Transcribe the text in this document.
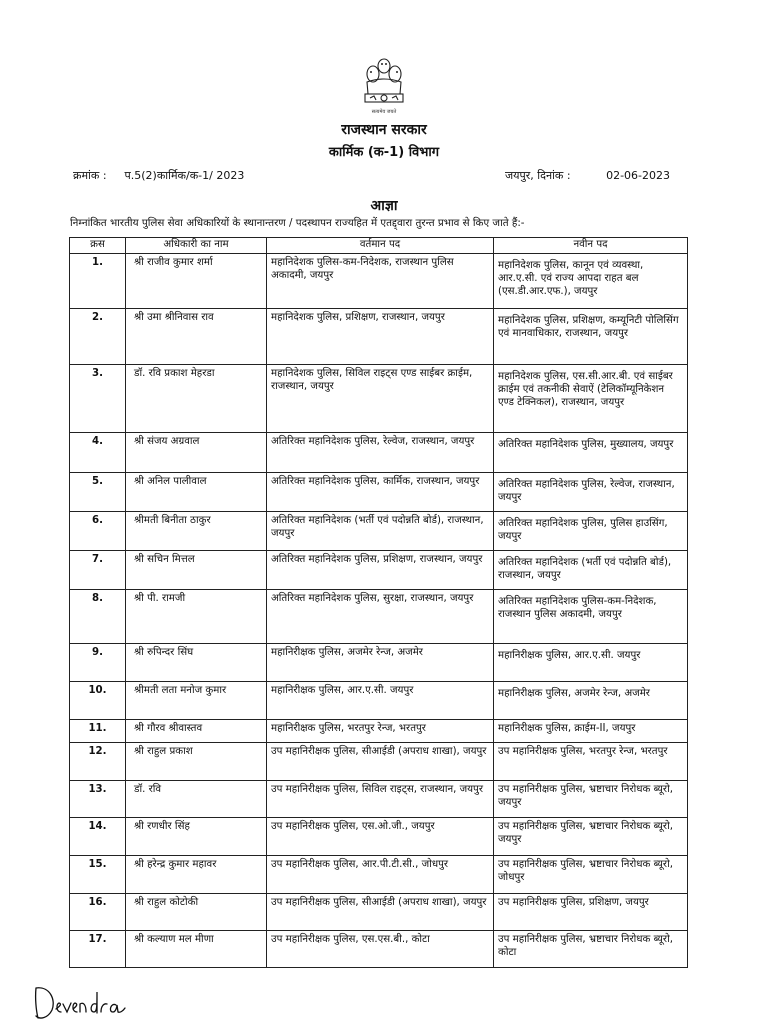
सत्यमेव जयते
राजस्थान सरकार
कार्मिक (क-1) विभाग
क्रमांक : प.5(2)कार्मिक/क-1/ 2023	जयपुर, दिनांक :	02-06-2023
आज्ञा
निम्नांकित भारतीय पुलिस सेवा अधिकारियों के स्थानान्तरण / पदस्थापन राज्यहित में एतद्द्वारा तुरन्त प्रभाव से किए जाते हैं:-
क्रस	अधिकारी का नाम	वर्तमान पद	नवीन पद
1.	श्री राजीव कुमार शर्मा	महानिदेशक पुलिस-कम-निदेशक, राजस्थान पुलिस अकादमी, जयपुर	महानिदेशक पुलिस, कानून एवं व्यवस्था, आर.ए.सी. एवं राज्य आपदा राहत बल (एस.डी.आर.एफ.), जयपुर
2.	श्री उमा श्रीनिवास राव	महानिदेशक पुलिस, प्रशिक्षण, राजस्थान, जयपुर	महानिदेशक पुलिस, प्रशिक्षण, कम्यूनिटी पोलिसिंग एवं मानवाधिकार, राजस्थान, जयपुर
3.	डॉ. रवि प्रकाश मेहरडा	महानिदेशक पुलिस, सिविल राइट्स एण्ड साईबर क्राईम, राजस्थान, जयपुर	महानिदेशक पुलिस, एस.सी.आर.बी. एवं साईबर क्राईम एवं तकनीकी सेवाऐं (टेलिकॉम्यूनिकेशन एण्ड टेक्निकल), राजस्थान, जयपुर
4.	श्री संजय अग्रवाल	अतिरिक्त महानिदेशक पुलिस, रेल्वेज, राजस्थान, जयपुर	अतिरिक्त महानिदेशक पुलिस, मुख्यालय, जयपुर
5.	श्री अनिल पालीवाल	अतिरिक्त महानिदेशक पुलिस, कार्मिक, राजस्थान, जयपुर	अतिरिक्त महानिदेशक पुलिस, रेल्वेज, राजस्थान, जयपुर
6.	श्रीमती बिनीता ठाकुर	अतिरिक्त महानिदेशक (भर्ती एवं पदोन्नति बोर्ड), राजस्थान, जयपुर	अतिरिक्त महानिदेशक पुलिस, पुलिस हाउसिंग, जयपुर
7.	श्री सचिन मित्तल	अतिरिक्त महानिदेशक पुलिस, प्रशिक्षण, राजस्थान, जयपुर	अतिरिक्त महानिदेशक (भर्ती एवं पदोन्नति बोर्ड), राजस्थान, जयपुर
8.	श्री पी. रामजी	अतिरिक्त महानिदेशक पुलिस, सुरक्षा, राजस्थान, जयपुर	अतिरिक्त महानिदेशक पुलिस-कम-निदेशक, राजस्थान पुलिस अकादमी, जयपुर
9.	श्री रुपिन्दर सिंघ	महानिरीक्षक पुलिस, अजमेर रेन्ज, अजमेर	महानिरीक्षक पुलिस, आर.ए.सी. जयपुर
10.	श्रीमती लता मनोज कुमार	महानिरीक्षक पुलिस, आर.ए.सी. जयपुर	महानिरीक्षक पुलिस, अजमेर रेन्ज, अजमेर
11.	श्री गौरव श्रीवास्तव	महानिरीक्षक पुलिस, भरतपुर रेन्ज, भरतपुर	महानिरीक्षक पुलिस, क्राईम-II, जयपुर
12.	श्री राहुल प्रकाश	उप महानिरीक्षक पुलिस, सीआईडी (अपराध शाखा), जयपुर	उप महानिरीक्षक पुलिस, भरतपुर रेन्ज, भरतपुर
13.	डॉ. रवि	उप महानिरीक्षक पुलिस, सिविल राइट्स, राजस्थान, जयपुर	उप महानिरीक्षक पुलिस, भ्रष्टाचार निरोधक ब्यूरो, जयपुर
14.	श्री रणधीर सिंह	उप महानिरीक्षक पुलिस, एस.ओ.जी., जयपुर	उप महानिरीक्षक पुलिस, भ्रष्टाचार निरोधक ब्यूरो, जयपुर
15.	श्री हरेन्द्र कुमार महावर	उप महानिरीक्षक पुलिस, आर.पी.टी.सी., जोधपुर	उप महानिरीक्षक पुलिस, भ्रष्टाचार निरोधक ब्यूरो, जोधपुर
16.	श्री राहुल कोटोकी	उप महानिरीक्षक पुलिस, सीआईडी (अपराध शाखा), जयपुर	उप महानिरीक्षक पुलिस, प्रशिक्षण, जयपुर
17.	श्री कल्याण मल मीणा	उप महानिरीक्षक पुलिस, एस.एस.बी., कोटा	उप महानिरीक्षक पुलिस, भ्रष्टाचार निरोधक ब्यूरो, कोटा
